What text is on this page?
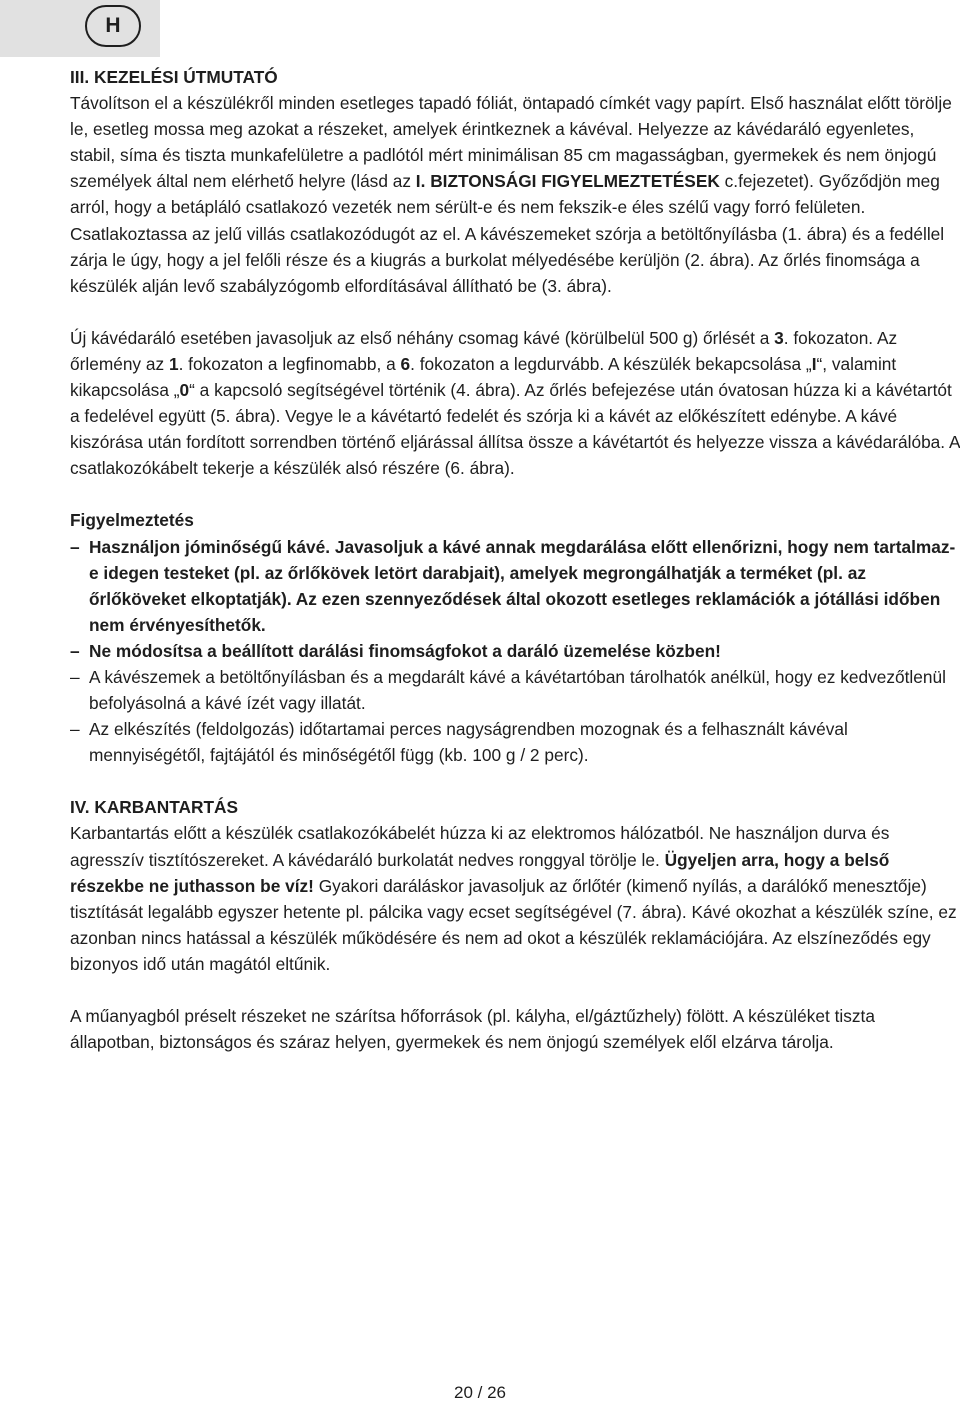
H

III. KEZELÉSI ÚTMUTATÓ

Távolítson el a készülékről minden esetleges tapadó fóliát, öntapadó címkét vagy papírt. Első használat előtt törölje le, esetleg mossa meg azokat a részeket, amelyek érintkeznek a kávéval. Helyezze az kávédaráló egyenletes, stabil, síma és tiszta munkafelületre a padlótól mért minimálisan 85 cm magasságban, gyermekek és nem önjogú személyek által nem elérhető helyre (lásd az I. BIZTONSÁGI FIGYELMEZTETÉSEK c.fejezetet). Győződjön meg arról, hogy a betápláló csatlakozó vezeték nem sérült-e és nem fekszik-e éles szélű vagy forró felületen. Csatlakoztassa az jelű villás csatlakozódugót az el. A kávészemeket szórja a betöltőnyílásba (1. ábra) és a fedéllel zárja le úgy, hogy a jel felőli része és a kiugrás a burkolat mélyedésébe kerüljön (2. ábra). Az őrlés finomsága a készülék alján levő szabályzógomb elfordításával állítható be (3. ábra).

Új kávédaráló esetében javasoljuk az első néhány csomag kávé (körülbelül 500 g) őrlését a 3. fokozaton. Az őrlemény az 1. fokozaton a legfinomabb, a 6. fokozaton a legdurvább. A készülék bekapcsolása „I“, valamint kikapcsolása „0“ a kapcsoló segítségével történik (4. ábra). Az őrlés befejezése után óvatosan húzza ki a kávétartót a fedelével együtt (5. ábra). Vegye le a kávétartó fedelét és szórja ki a kávét az előkészített edénybe. A kávé kiszórása után fordított sorrendben történő eljárással állítsa össze a kávétartót és helyezze vissza a kávédarálóba. A csatlakozókábelt tekerje a készülék alsó részére (6. ábra).

Figyelmeztetés

– Használjon jóminőségű kávé. Javasoljuk a kávé annak megdarálása előtt ellenőrizni, hogy nem tartalmaz-e idegen testeket (pl. az őrlőkövek letört darabjait), amelyek megrongálhatják a terméket (pl. az őrlőköveket elkoptatják). Az ezen szennyeződések által okozott esetleges reklamációk a jótállási időben nem érvényesíthetők.
– Ne módosítsa a beállított darálási finomságfokot a daráló üzemelése közben!
– A kávészemek a betöltőnyílásban és a megdarált kávé a kávétartóban tárolhatók anélkül, hogy ez kedvezőtlenül befolyásolná a kávé ízét vagy illatát.
– Az elkészítés (feldolgozás) időtartamai perces nagyságrendben mozognak és a felhasznált kávéval mennyiségétől, fajtájától és minőségétől függ (kb. 100 g / 2 perc).

IV. KARBANTARTÁS

Karbantartás előtt a készülék csatlakozókábelét húzza ki az elektromos hálózatból. Ne használjon durva és agresszív tisztítószereket. A kávédaráló burkolatát nedves ronggyal törölje le. Ügyeljen arra, hogy a belső részekbe ne juthasson be víz! Gyakori daráláskor javasoljuk az őrlőtér (kimenő nyílás, a darálókő menesztője) tisztítását legalább egyszer hetente pl. pálcika vagy ecset segítségével (7. ábra). Kávé okozhat a készülék színe, ez azonban nincs hatással a készülék működésére és nem ad okot a készülék reklamációjára. Az elszíneződés egy bizonyos idő után magától eltűnik.

A műanyagból préselt részeket ne szárítsa hőforrások (pl. kályha, el/gáztűzhely) fölött. A készüléket tiszta állapotban, biztonságos és száraz helyen, gyermekek és nem önjogú személyek elől elzárva tárolja.

20 / 26
